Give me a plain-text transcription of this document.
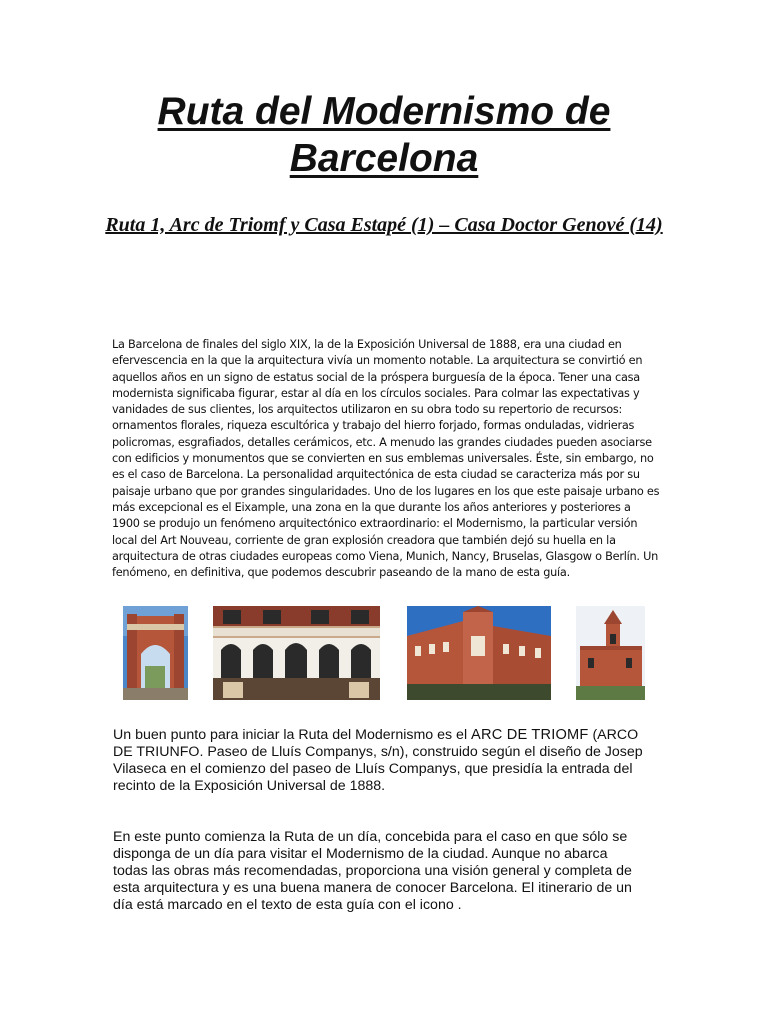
Ruta del Modernismo de Barcelona
Ruta 1, Arc de Triomf y Casa Estapé (1) – Casa Doctor Genové (14)

La Barcelona de finales del siglo XIX, la de la Exposición Universal de 1888, era una ciudad en efervescencia en la que la arquitectura vivía un momento notable. La arquitectura se convirtió en aquellos años en un signo de estatus social de la próspera burguesía de la época. Tener una casa modernista significaba figurar, estar al día en los círculos sociales. Para colmar las expectativas y vanidades de sus clientes, los arquitectos utilizaron en su obra todo su repertorio de recursos: ornamentos florales, riqueza escultórica y trabajo del hierro forjado, formas onduladas, vidrieras policromas, esgrafiados, detalles cerámicos, etc. A menudo las grandes ciudades pueden asociarse con edificios y monumentos que se convierten en sus emblemas universales. Éste, sin embargo, no es el caso de Barcelona. La personalidad arquitectónica de esta ciudad se caracteriza más por su paisaje urbano que por grandes singularidades. Uno de los lugares en los que este paisaje urbano es más excepcional es el Eixample, una zona en la que durante los años anteriores y posteriores a 1900 se produjo un fenómeno arquitectónico extraordinario: el Modernismo, la particular versión local del Art Nouveau, corriente de gran explosión creadora que también dejó su huella en la arquitectura de otras ciudades europeas como Viena, Munich, Nancy, Bruselas, Glasgow o Berlín. Un fenómeno, en definitiva, que podemos descubrir paseando de la mano de esta guía.

Un buen punto para iniciar la Ruta del Modernismo es el ARC DE TRIOMF (ARCO DE TRIUNFO. Paseo de Lluís Companys, s/n), construido según el diseño de Josep Vilaseca en el comienzo del paseo de Lluís Companys, que presidía la entrada del recinto de la Exposición Universal de 1888.

En este punto comienza la Ruta de un día, concebida para el caso en que sólo se disponga de un día para visitar el Modernismo de la ciudad. Aunque no abarca todas las obras más recomendadas, proporciona una visión general y completa de esta arquitectura y es una buena manera de conocer Barcelona. El itinerario de un día está marcado en el texto de esta guía con el icono .
